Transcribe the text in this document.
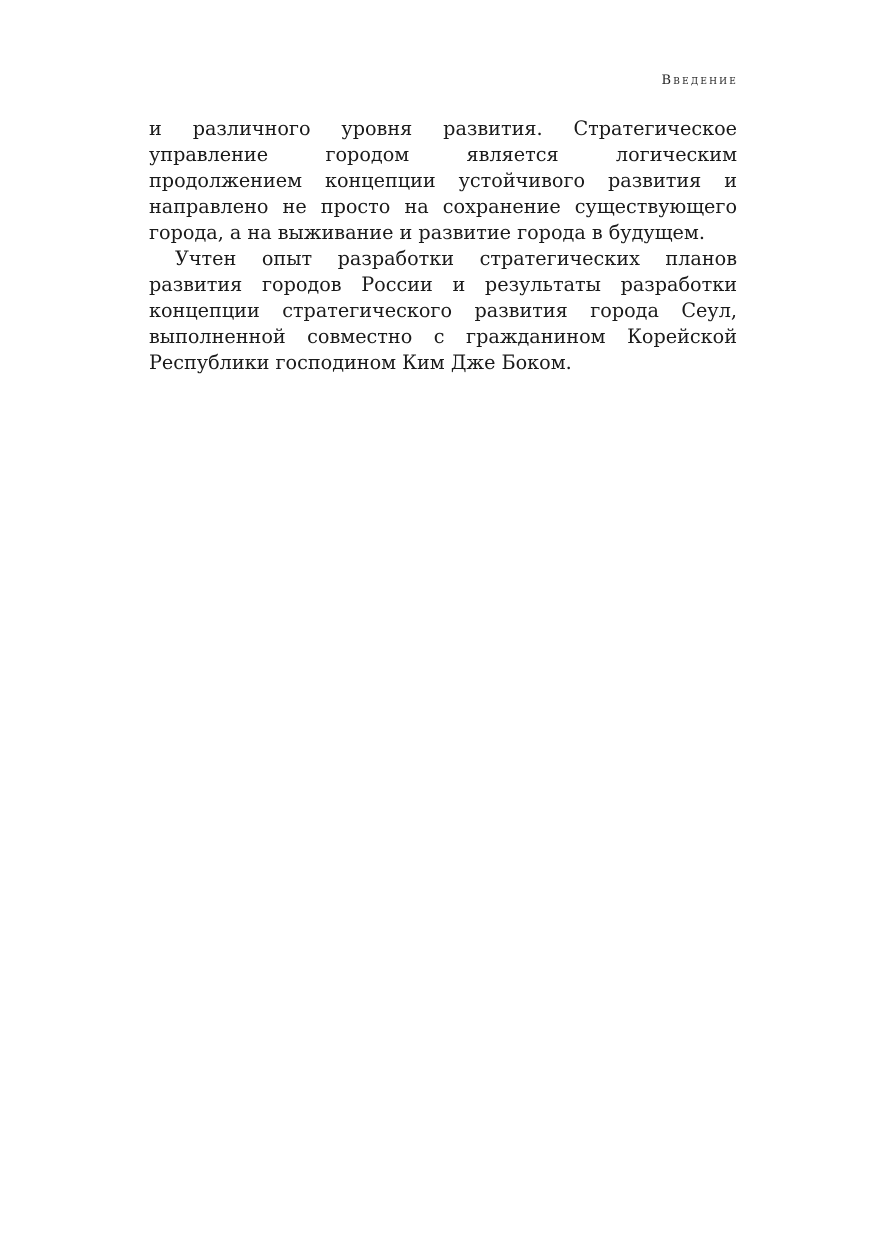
Введение

и различного уровня развития. Стратегическое управление городом является логическим продолжением концепции устойчивого развития и направлено не просто на сохранение существующего города, а на выживание и развитие города в будущем.

Учтен опыт разработки стратегических планов развития городов России и результаты разработки концепции стратегического развития города Сеул, выполненной совместно с гражданином Корейской Республики господином Ким Дже Боком.
